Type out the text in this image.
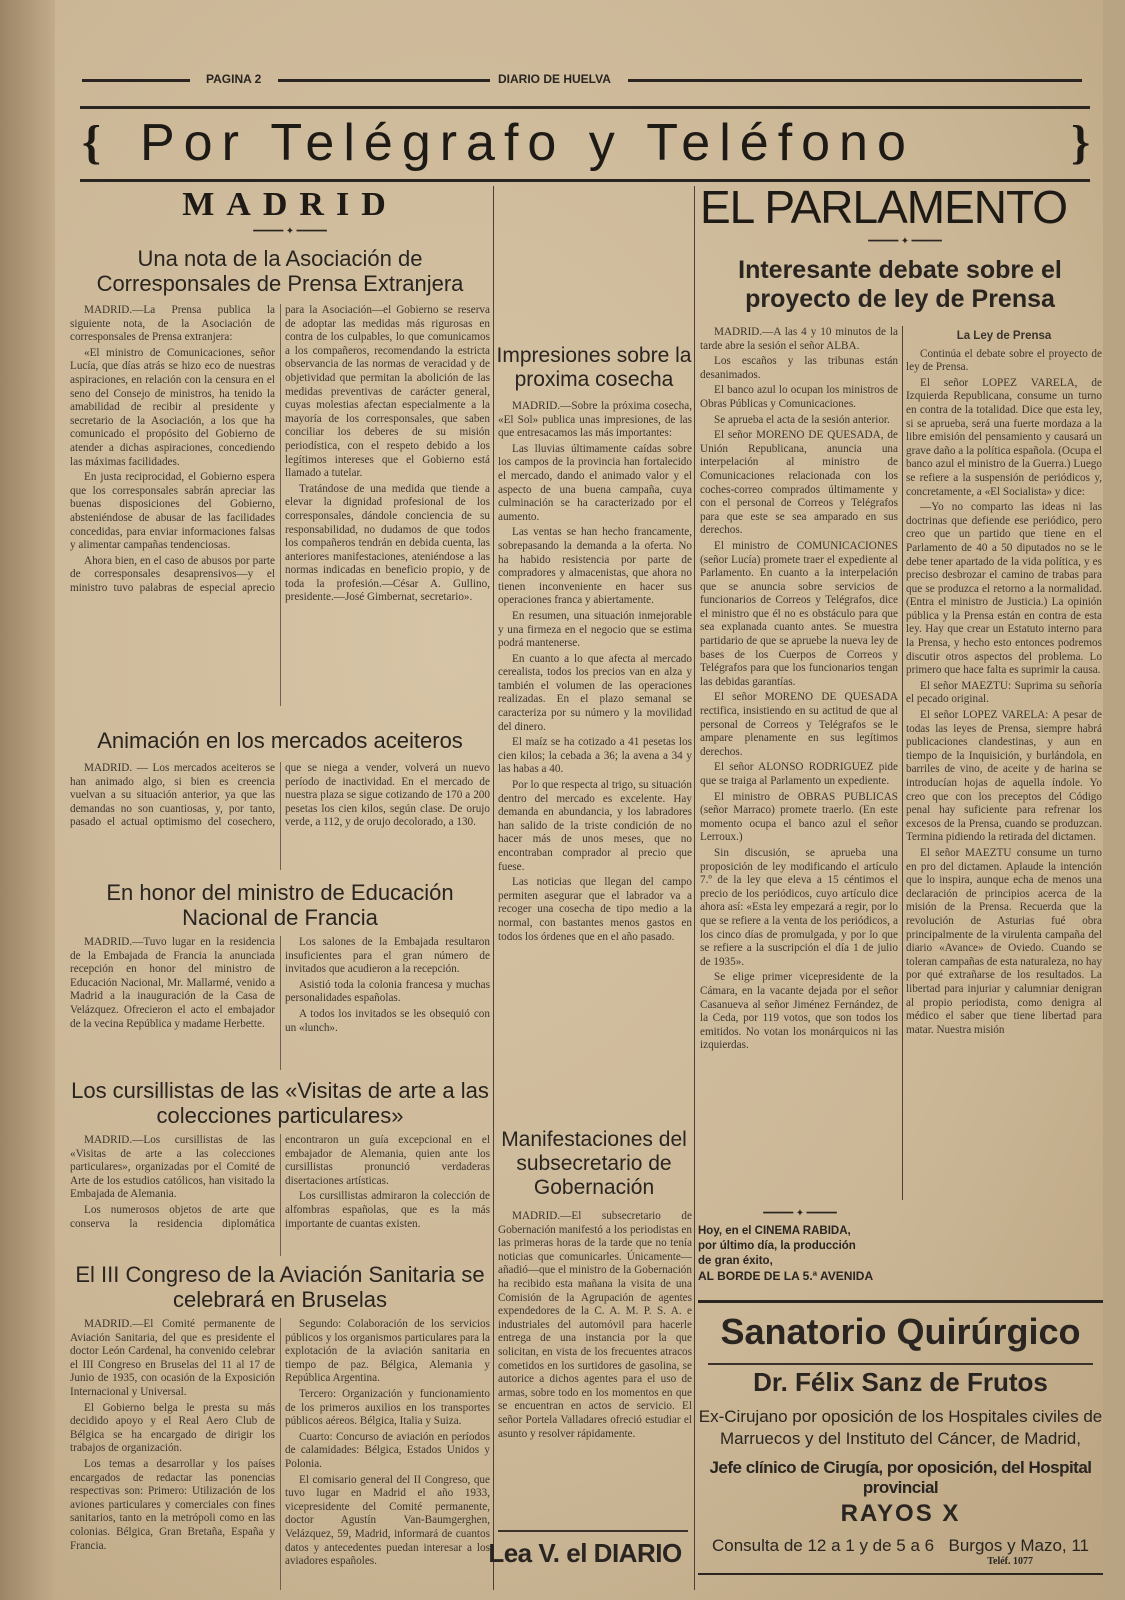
PAGINA 2	DIARIO DE HUELVA
{ Por Telégrafo y Teléfono	}
MADRID
━━━━━ ✦ ━━━━━
Una nota de la Asociación de Corresponsales de Prensa Extranjera

MADRID.—La Prensa publica la siguiente nota, de la Asociación de corresponsales de Prensa extranjera:

«El ministro de Comunicaciones, señor Lucía, que días atrás se hizo eco de nuestras aspiraciones, en relación con la censura en el seno del Consejo de ministros, ha tenido la amabilidad de recibir al presidente y secretario de la Asociación, a los que ha comunicado el propósito del Gobierno de atender a dichas aspiraciones, concediendo las máximas facilidades.

En justa reciprocidad, el Gobierno espera que los corresponsales sabrán apreciar las buenas disposiciones del Gobierno, absteniéndose de abusar de las facilidades concedidas, para enviar informaciones falsas y alimentar campañas tendenciosas.

Ahora bien, en el caso de abusos por parte de corresponsales desaprensivos—y el ministro tuvo palabras de especial aprecio para la Asociación—el Gobierno se reserva de adoptar las medidas más rigurosas en contra de los culpables, lo que comunicamos a los compañeros, recomendando la estricta observancia de las normas de veracidad y de objetividad que permitan la abolición de las medidas preventivas de carácter general, cuyas molestias afectan especialmente a la mayoría de los corresponsales, que saben conciliar los deberes de su misión periodística, con el respeto debido a los legítimos intereses que el Gobierno está llamado a tutelar.

Tratándose de una medida que tiende a elevar la dignidad profesional de los corresponsales, dándole conciencia de su responsabilidad, no dudamos de que todos los compañeros tendrán en debida cuenta, las anteriores manifestaciones, ateniéndose a las normas indicadas en beneficio propio, y de toda la profesión.—César A. Gullino, presidente.—José Gimbernat, secretario».

Animación en los mercados aceiteros

MADRID. — Los mercados aceiteros se han animado algo, si bien es creencia vuelvan a su situación anterior, ya que las demandas no son cuantiosas, y, por tanto, pasado el actual optimismo del cosechero, que se niega a vender, volverá un nuevo período de inactividad. En el mercado de nuestra plaza se sigue cotizando de 170 a 200 pesetas los cien kilos, según clase. De orujo verde, a 112, y de orujo decolorado, a 130.

En honor del ministro de Educación Nacional de Francia

MADRID.—Tuvo lugar en la residencia de la Embajada de Francia la anunciada recepción en honor del ministro de Educación Nacional, Mr. Mallarmé, venido a Madrid a la inauguración de la Casa de Velázquez. Ofrecieron el acto el embajador de la vecina República y madame Herbette.

Los salones de la Embajada resultaron insuficientes para el gran número de invitados que acudieron a la recepción.

Asistió toda la colonia francesa y muchas personalidades españolas.

A todos los invitados se les obsequió con un «lunch».

Los cursillistas de las «Visitas de arte a las colecciones particulares»

MADRID.—Los cursillistas de las «Visitas de arte a las colecciones particulares», organizadas por el Comité de Arte de los estudios católicos, han visitado la Embajada de Alemania.

Los numerosos objetos de arte que conserva la residencia diplomática encontraron un guía excepcional en el embajador de Alemania, quien ante los cursillistas pronunció verdaderas disertaciones artísticas.

Los cursillistas admiraron la colección de alfombras españolas, que es la más importante de cuantas existen.

El III Congreso de la Aviación Sanitaria se celebrará en Bruselas

MADRID.—El Comité permanente de Aviación Sanitaria, del que es presidente el doctor León Cardenal, ha convenido celebrar el III Congreso en Bruselas del 11 al 17 de Junio de 1935, con ocasión de la Exposición Internacional y Universal.

El Gobierno belga le presta su más decidido apoyo y el Real Aero Club de Bélgica se ha encargado de dirigir los trabajos de organización.

Los temas a desarrollar y los países encargados de redactar las ponencias respectivas son: Primero: Utilización de los aviones particulares y comerciales con fines sanitarios, tanto en la metrópoli como en las colonias. Bélgica, Gran Bretaña, España y Francia.

Segundo: Colaboración de los servicios públicos y los organismos particulares para la explotación de la aviación sanitaria en tiempo de paz. Bélgica, Alemania y República Argentina.

Tercero: Organización y funcionamiento de los primeros auxilios en los transportes públicos aéreos. Bélgica, Italia y Suiza.

Cuarto: Concurso de aviación en períodos de calamidades: Bélgica, Estados Unidos y Polonia.

El comisario general del II Congreso, que tuvo lugar en Madrid el año 1933, vicepresidente del Comité permanente, doctor Agustín Van-Baumgerghen, Velázquez, 59, Madrid, informará de cuantos datos y antecedentes puedan interesar a los aviadores españoles.

Impresiones sobre la proxima cosecha

MADRID.—Sobre la próxima cosecha, «El Sol» publica unas impresiones, de las que entresacamos las más importantes:

Las lluvias últimamente caídas sobre los campos de la provincia han fortalecido el mercado, dando el animado valor y el aspecto de una buena campaña, cuya culminación se ha caracterizado por el aumento.

Las ventas se han hecho francamente, sobrepasando la demanda a la oferta. No ha habido resistencia por parte de compradores y almacenistas, que ahora no tienen inconveniente en hacer sus operaciones franca y abiertamente.

En resumen, una situación inmejorable y una firmeza en el negocio que se estima podrá mantenerse.

En cuanto a lo que afecta al mercado cerealista, todos los precios van en alza y también el volumen de las operaciones realizadas. En el plazo semanal se caracteriza por su número y la movilidad del dinero.

El maíz se ha cotizado a 41 pesetas los cien kilos; la cebada a 36; la avena a 34 y las habas a 40.

Por lo que respecta al trigo, su situación dentro del mercado es excelente. Hay demanda en abundancia, y los labradores han salido de la triste condición de no hacer más de unos meses, que no encontraban comprador al precio que fuese.

Las noticias que llegan del campo permiten asegurar que el labrador va a recoger una cosecha de tipo medio a la normal, con bastantes menos gastos en todos los órdenes que en el año pasado.

Manifestaciones del subsecretario de Gobernación

MADRID.—El subsecretario de Gobernación manifestó a los periodistas en las primeras horas de la tarde que no tenía noticias que comunicarles. Únicamente—añadió—que el ministro de la Gobernación ha recibido esta mañana la visita de una Comisión de la Agrupación de agentes expendedores de la C. A. M. P. S. A. e industriales del automóvil para hacerle entrega de una instancia por la que solicitan, en vista de los frecuentes atracos cometidos en los surtidores de gasolina, se autorice a dichos agentes para el uso de armas, sobre todo en los momentos en que se encuentran en actos de servicio. El señor Portela Valladares ofreció estudiar el asunto y resolver rápidamente.

Lea V. el DIARIO
EL PARLAMENTO
━━━━━ ✦ ━━━━━
Interesante debate sobre el proyecto de ley de Prensa

MADRID.—A las 4 y 10 minutos de la tarde abre la sesión el señor ALBA.

Los escaños y las tribunas están desanimados.

El banco azul lo ocupan los ministros de Obras Públicas y Comunicaciones.

Se aprueba el acta de la sesión anterior.

El señor MORENO DE QUESADA, de Unión Republicana, anuncia una interpelación al ministro de Comunicaciones relacionada con los coches-correo comprados últimamente y con el personal de Correos y Telégrafos para que este se sea amparado en sus derechos.

El ministro de COMUNICACIONES (señor Lucía) promete traer el expediente al Parlamento. En cuanto a la interpelación que se anuncia sobre servicios de funcionarios de Correos y Telégrafos, dice el ministro que él no es obstáculo para que sea explanada cuanto antes. Se muestra partidario de que se apruebe la nueva ley de bases de los Cuerpos de Correos y Telégrafos para que los funcionarios tengan las debidas garantías.

El señor MORENO DE QUESADA rectifica, insistiendo en su actitud de que al personal de Correos y Telégrafos se le ampare plenamente en sus legítimos derechos.

El señor ALONSO RODRIGUEZ pide que se traiga al Parlamento un expediente.

El ministro de OBRAS PUBLICAS (señor Marraco) promete traerlo. (En este momento ocupa el banco azul el señor Lerroux.)

Sin discusión, se aprueba una proposición de ley modificando el artículo 7.º de la ley que eleva a 15 céntimos el precio de los periódicos, cuyo artículo dice ahora así: «Esta ley empezará a regir, por lo que se refiere a la venta de los periódicos, a los cinco días de promulgada, y por lo que se refiere a la suscripción el día 1 de julio de 1935».

Se elige primer vicepresidente de la Cámara, en la vacante dejada por el señor Casanueva al señor Jiménez Fernández, de la Ceda, por 119 votos, que son todos los emitidos. No votan los monárquicos ni las izquierdas.

La Ley de Prensa

Continúa el debate sobre el proyecto de ley de Prensa.

El señor LOPEZ VARELA, de Izquierda Republicana, consume un turno en contra de la totalidad. Dice que esta ley, si se aprueba, será una fuerte mordaza a la libre emisión del pensamiento y causará un grave daño a la política española. (Ocupa el banco azul el ministro de la Guerra.) Luego se refiere a la suspensión de periódicos y, concretamente, a «El Socialista» y dice:

—Yo no comparto las ideas ni las doctrinas que defiende ese periódico, pero creo que un partido que tiene en el Parlamento de 40 a 50 diputados no se le debe tener apartado de la vida política, y es preciso desbrozar el camino de trabas para que se produzca el retorno a la normalidad. (Entra el ministro de Justicia.) La opinión pública y la Prensa están en contra de esta ley. Hay que crear un Estatuto interno para la Prensa, y hecho esto entonces podremos discutir otros aspectos del problema. Lo primero que hace falta es suprimir la causa.

El señor MAEZTU: Suprima su señoría el pecado original.

El señor LOPEZ VARELA: A pesar de todas las leyes de Prensa, siempre habrá publicaciones clandestinas, y aun en tiempo de la Inquisición, y burlándola, en barriles de vino, de aceite y de harina se introducían hojas de aquella índole. Yo creo que con los preceptos del Código penal hay suficiente para refrenar los excesos de la Prensa, cuando se produzcan. Termina pidiendo la retirada del dictamen.

El señor MAEZTU consume un turno en pro del dictamen. Aplaude la intención que lo inspira, aunque echa de menos una declaración de principios acerca de la misión de la Prensa. Recuerda que la revolución de Asturias fué obra principalmente de la virulenta campaña del diario «Avance» de Oviedo. Cuando se toleran campañas de esta naturaleza, no hay por qué extrañarse de los resultados. La libertad para injuriar y calumniar denigran al propio periodista, como denigra al médico el saber que tiene libertad para matar. Nuestra misión

━━━━━ ✦ ━━━━━
Hoy, en el CINEMA RABIDA,
por último día, la producción
de gran éxito,
AL BORDE DE LA 5.ª AVENIDA
Sanatorio Quirúrgico
Dr. Félix Sanz de Frutos
Ex-Cirujano por oposición de los Hospitales civiles de Marruecos y del Instituto del Cáncer, de Madrid,
Jefe clínico de Cirugía, por oposición, del Hospital provincial
RAYOS X
Consulta de 12 a 1 y de 5 a 6 Burgos y Mazo, 11
Teléf. 1077
